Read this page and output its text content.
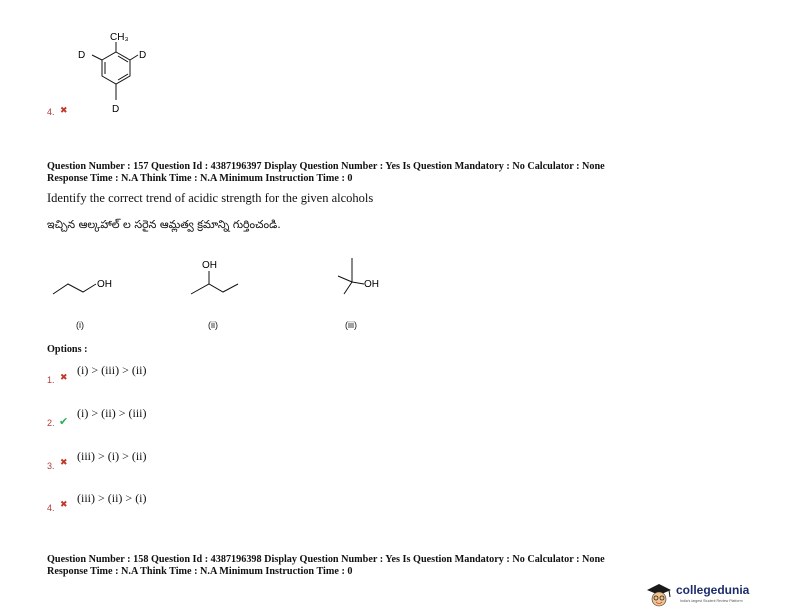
CH₃
D	D
D
4. ✖
Question Number : 157 Question Id : 4387196397 Display Question Number : Yes Is Question Mandatory : No Calculator : None
Response Time : N.A Think Time : N.A Minimum Instruction Time : 0
Identify the correct trend of acidic strength for the given alcohols
ఇచ్చిన ఆల్కహాల్ ల సరైన ఆమ్లత్వ క్రమాన్ని గుర్తించండి.
OH
(i)
OH
(ii)
OH
(iii)
Options :
1. ✖
(i) > (iii) > (ii)
2. ✔
(i) > (ii) > (iii)
3. ✖ (iii) > (i) > (ii)
4. ✖ (iii) > (ii) > (i)
Question Number : 158 Question Id : 4387196398 Display Question Number : Yes Is Question Mandatory : No Calculator : None
Response Time : N.A Think Time : N.A Minimum Instruction Time : 0
collegedunia
India's largest Student Review Platform
